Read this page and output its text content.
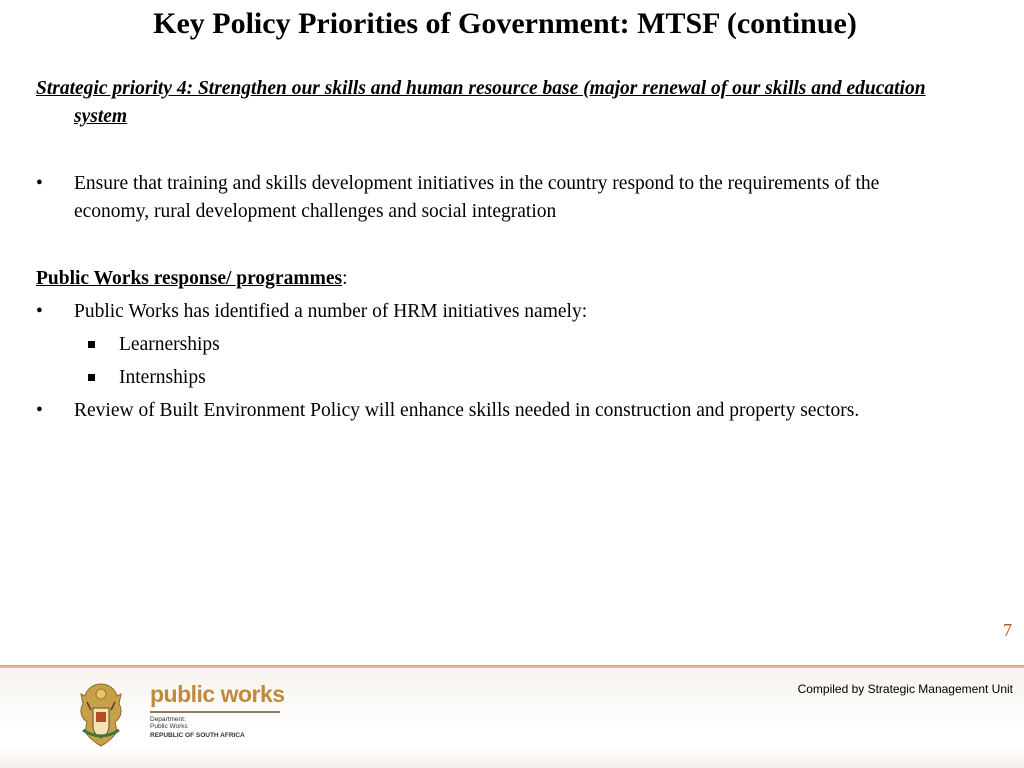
Key Policy Priorities of Government: MTSF (continue)

Strategic priority 4: Strengthen our skills and human resource base (major renewal of our skills and education system

•	Ensure that training and skills development initiatives in the country respond to the requirements of the economy, rural development challenges and social integration

Public Works response/ programmes:

•	Public Works has identified a number of HRM initiatives namely:

Learnerships

Internships

•	Review of Built Environment Policy will enhance skills needed in construction and property sectors.

7
Compiled by Strategic Management Unit
public works
Department:
Public Works
REPUBLIC OF SOUTH AFRICA
